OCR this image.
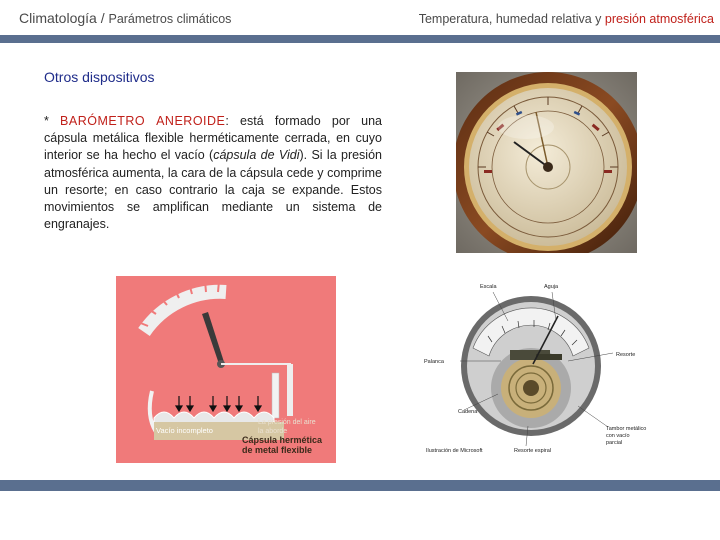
Climatología / Parámetros climáticos	Temperatura, humedad relativa y presión atmosférica
Otros dispositivos
* BARÓMETRO ANEROIDE: está formado por una cápsula metálica flexible herméticamente cerrada, en cuyo interior se ha hecho el vacío (cápsula de Vidi). Si la presión atmosférica aumenta, la cara de la cápsula cede y comprime un resorte; en caso contrario la caja se expande. Estos movimientos se amplifican mediante un sistema de engranajes.
Vacío incompleto
La presión del aire
la aborde
Cápsula hermética
de metal flexible
Escala	Aguja
Resorte
Palanca
Cadena
Tambor metálico
con vacío
parcial
Ilustración de Microsoft	Resorte espiral
